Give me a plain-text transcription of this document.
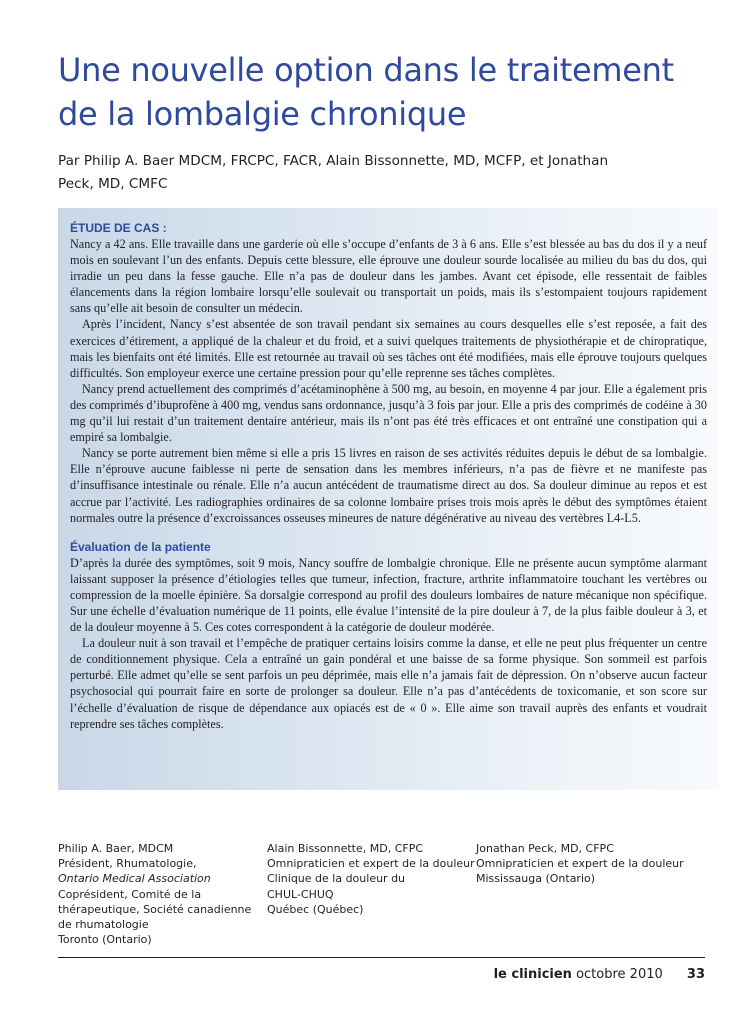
Une nouvelle option dans le traitement de la lombalgie chronique

Par Philip A. Baer MDCM, FRCPC, FACR, Alain Bissonnette, MD, MCFP, et Jonathan Peck, MD, CMFC

ÉTUDE DE CAS :

Nancy a 42 ans. Elle travaille dans une garderie où elle s’occupe d’enfants de 3 à 6 ans. Elle s’est blessée au bas du dos il y a neuf mois en soulevant l’un des enfants. Depuis cette blessure, elle éprouve une douleur sourde localisée au milieu du bas du dos, qui irradie un peu dans la fesse gauche. Elle n’a pas de douleur dans les jambes. Avant cet épisode, elle ressentait de faibles élancements dans la région lombaire lorsqu’elle soulevait ou transportait un poids, mais ils s’estompaient toujours rapidement sans qu’elle ait besoin de consulter un médecin.

Après l’incident, Nancy s’est absentée de son travail pendant six semaines au cours desquelles elle s’est reposée, a fait des exercices d’étirement, a appliqué de la chaleur et du froid, et a suivi quelques traitements de physiothérapie et de chiropratique, mais les bienfaits ont été limités. Elle est retournée au travail où ses tâches ont été modifiées, mais elle éprouve toujours quelques difficultés. Son employeur exerce une certaine pression pour qu’elle reprenne ses tâches complètes.

Nancy prend actuellement des comprimés d’acétaminophène à 500 mg, au besoin, en moyenne 4 par jour. Elle a également pris des comprimés d’ibuprofène à 400 mg, vendus sans ordonnance, jusqu’à 3 fois par jour. Elle a pris des comprimés de codéine à 30 mg qu’il lui restait d’un traitement dentaire antérieur, mais ils n’ont pas été très efficaces et ont entraîné une constipation qui a empiré sa lombalgie.

Nancy se porte autrement bien même si elle a pris 15 livres en raison de ses activités réduites depuis le début de sa lombalgie. Elle n’éprouve aucune faiblesse ni perte de sensation dans les membres inférieurs, n’a pas de fièvre et ne manifeste pas d’insuffisance intestinale ou rénale. Elle n’a aucun antécédent de traumatisme direct au dos. Sa douleur diminue au repos et est accrue par l’activité. Les radiographies ordinaires de sa colonne lombaire prises trois mois après le début des symptômes étaient normales outre la présence d’excroissances osseuses mineures de nature dégénérative au niveau des vertèbres L4-L5.

Évaluation de la patiente

D’après la durée des symptômes, soit 9 mois, Nancy souffre de lombalgie chronique. Elle ne présente aucun symptôme alarmant laissant supposer la présence d’étiologies telles que tumeur, infection, fracture, arthrite inflammatoire touchant les vertèbres ou compression de la moelle épinière. Sa dorsalgie correspond au profil des douleurs lombaires de nature mécanique non spécifique. Sur une échelle d’évaluation numérique de 11 points, elle évalue l’intensité de la pire douleur à 7, de la plus faible douleur à 3, et de la douleur moyenne à 5. Ces cotes correspondent à la catégorie de douleur modérée.

La douleur nuit à son travail et l’empêche de pratiquer certains loisirs comme la danse, et elle ne peut plus fréquenter un centre de conditionnement physique. Cela a entraîné un gain pondéral et une baisse de sa forme physique. Son sommeil est parfois perturbé. Elle admet qu’elle se sent parfois un peu déprimée, mais elle n’a jamais fait de dépression. On n’observe aucun facteur psychosocial qui pourrait faire en sorte de prolonger sa douleur. Elle n’a pas d’antécédents de toxicomanie, et son score sur l’échelle d’évaluation de risque de dépendance aux opiacés est de « 0 ». Elle aime son travail auprès des enfants et voudrait reprendre ses tâches complètes.

Philip A. Baer, MDCM

Président, Rhumatologie,

Ontario Medical Association

Coprésident, Comité de la

thérapeutique, Société canadienne

de rhumatologie

Toronto (Ontario)

Alain Bissonnette, MD, CFPC

Omnipraticien et expert de la douleur

Clinique de la douleur du

CHUL-CHUQ

Québec (Québec)

Jonathan Peck, MD, CFPC

Omnipraticien et expert de la douleur

Mississauga (Ontario)

le clinicien octobre 2010 33
